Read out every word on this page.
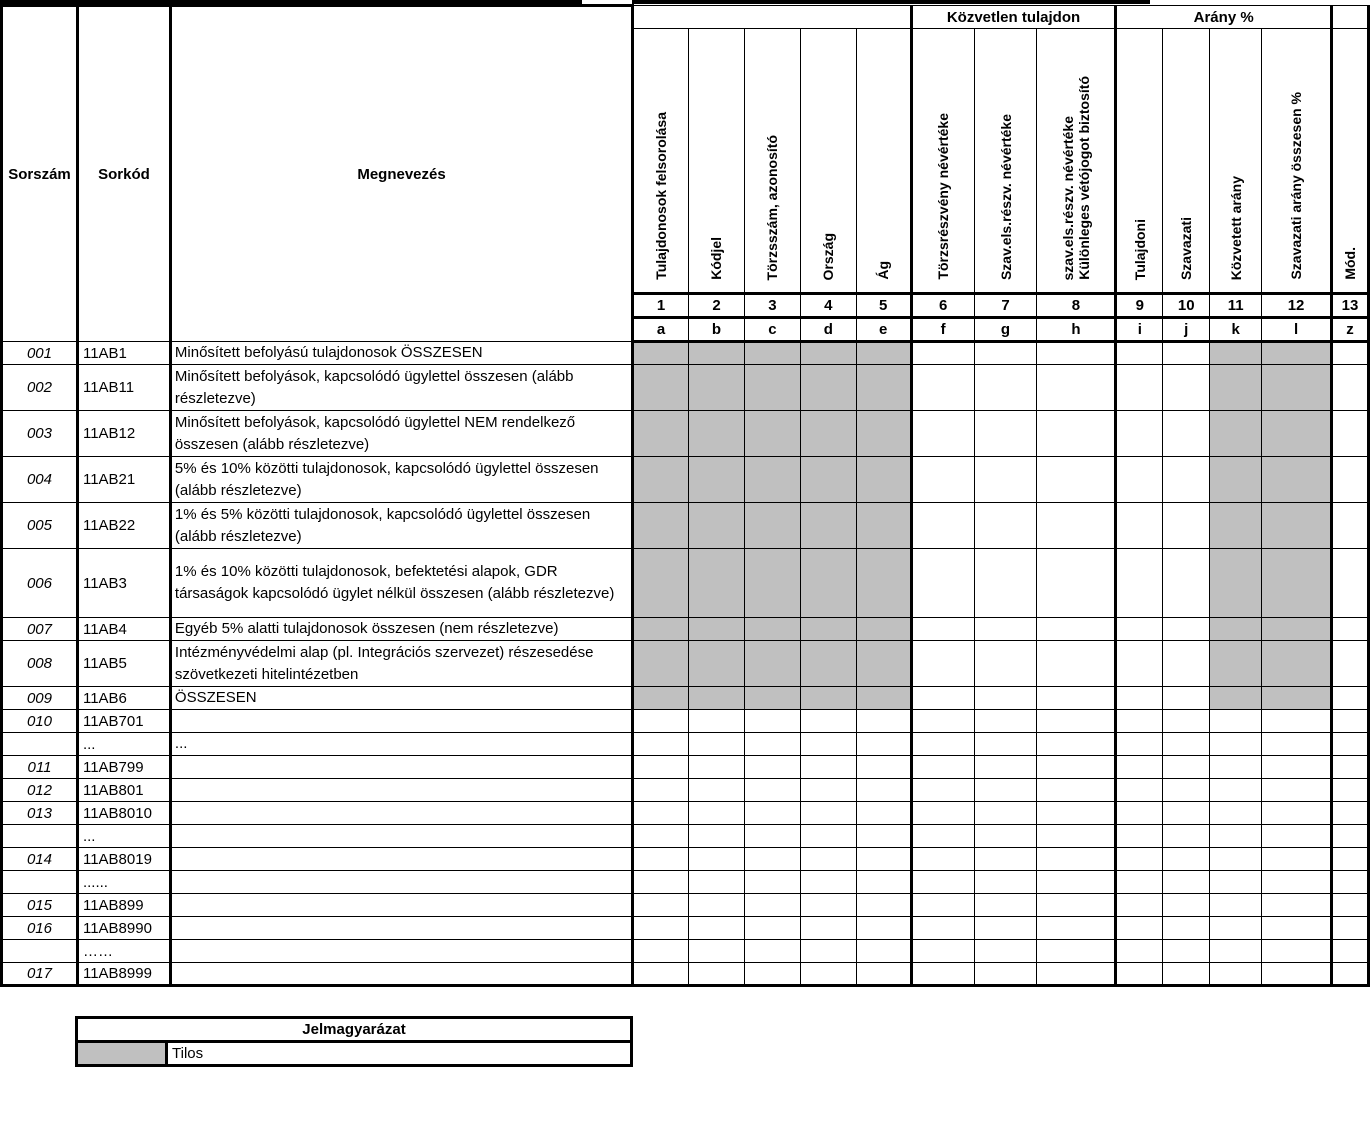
Sorszám	Sorkód	Megnevezés						Közvetlen tulajdon			Arány %				
			Tulajdonosok felsorolása	Kódjel	Törzsszám, azonosító	Ország	Ág	Törzsrészvény névértéke	Szav.els.részv. névértéke	szav.els.részv. névértékeKülönleges vétójogot biztosító	Tulajdoni	Szavazati	Közvetett arány	Szavazati arány összesen %	Mód.
			1	2	3	4	5	6	7	8	9	10	11	12	13
			a	b	c	d	e	f	g	h	i	j	k	l	z
001	11AB1	Minősített befolyású tulajdonosok ÖSSZESEN													
002	11AB11	Minősített befolyások, kapcsolódó ügylettel összesen (alább részletezve)													
003	11AB12	Minősített befolyások, kapcsolódó ügylettel NEM rendelkező összesen (alább részletezve)													
004	11AB21	5% és 10% közötti tulajdonosok, kapcsolódó ügylettel összesen (alább részletezve)													
005	11AB22	1% és 5% közötti tulajdonosok, kapcsolódó ügylettel összesen (alább részletezve)													
006	11AB3	1% és 10% közötti tulajdonosok, befektetési alapok, GDR társaságok kapcsolódó ügylet nélkül összesen (alább részletezve)													
007	11AB4	Egyéb 5% alatti tulajdonosok összesen (nem részletezve)													
008	11AB5	Intézményvédelmi alap (pl. Integrációs szervezet) részesedése szövetkezeti hitelintézetben													
009	11AB6	ÖSSZESEN													
010	11AB701														
	...	...													
011	11AB799														
012	11AB801														
013	11AB8010														
	...														
014	11AB8019														
	......														
015	11AB899														
016	11AB8990														
	……														
017	11AB8999														
Jelmagyarázat
	Tilos
